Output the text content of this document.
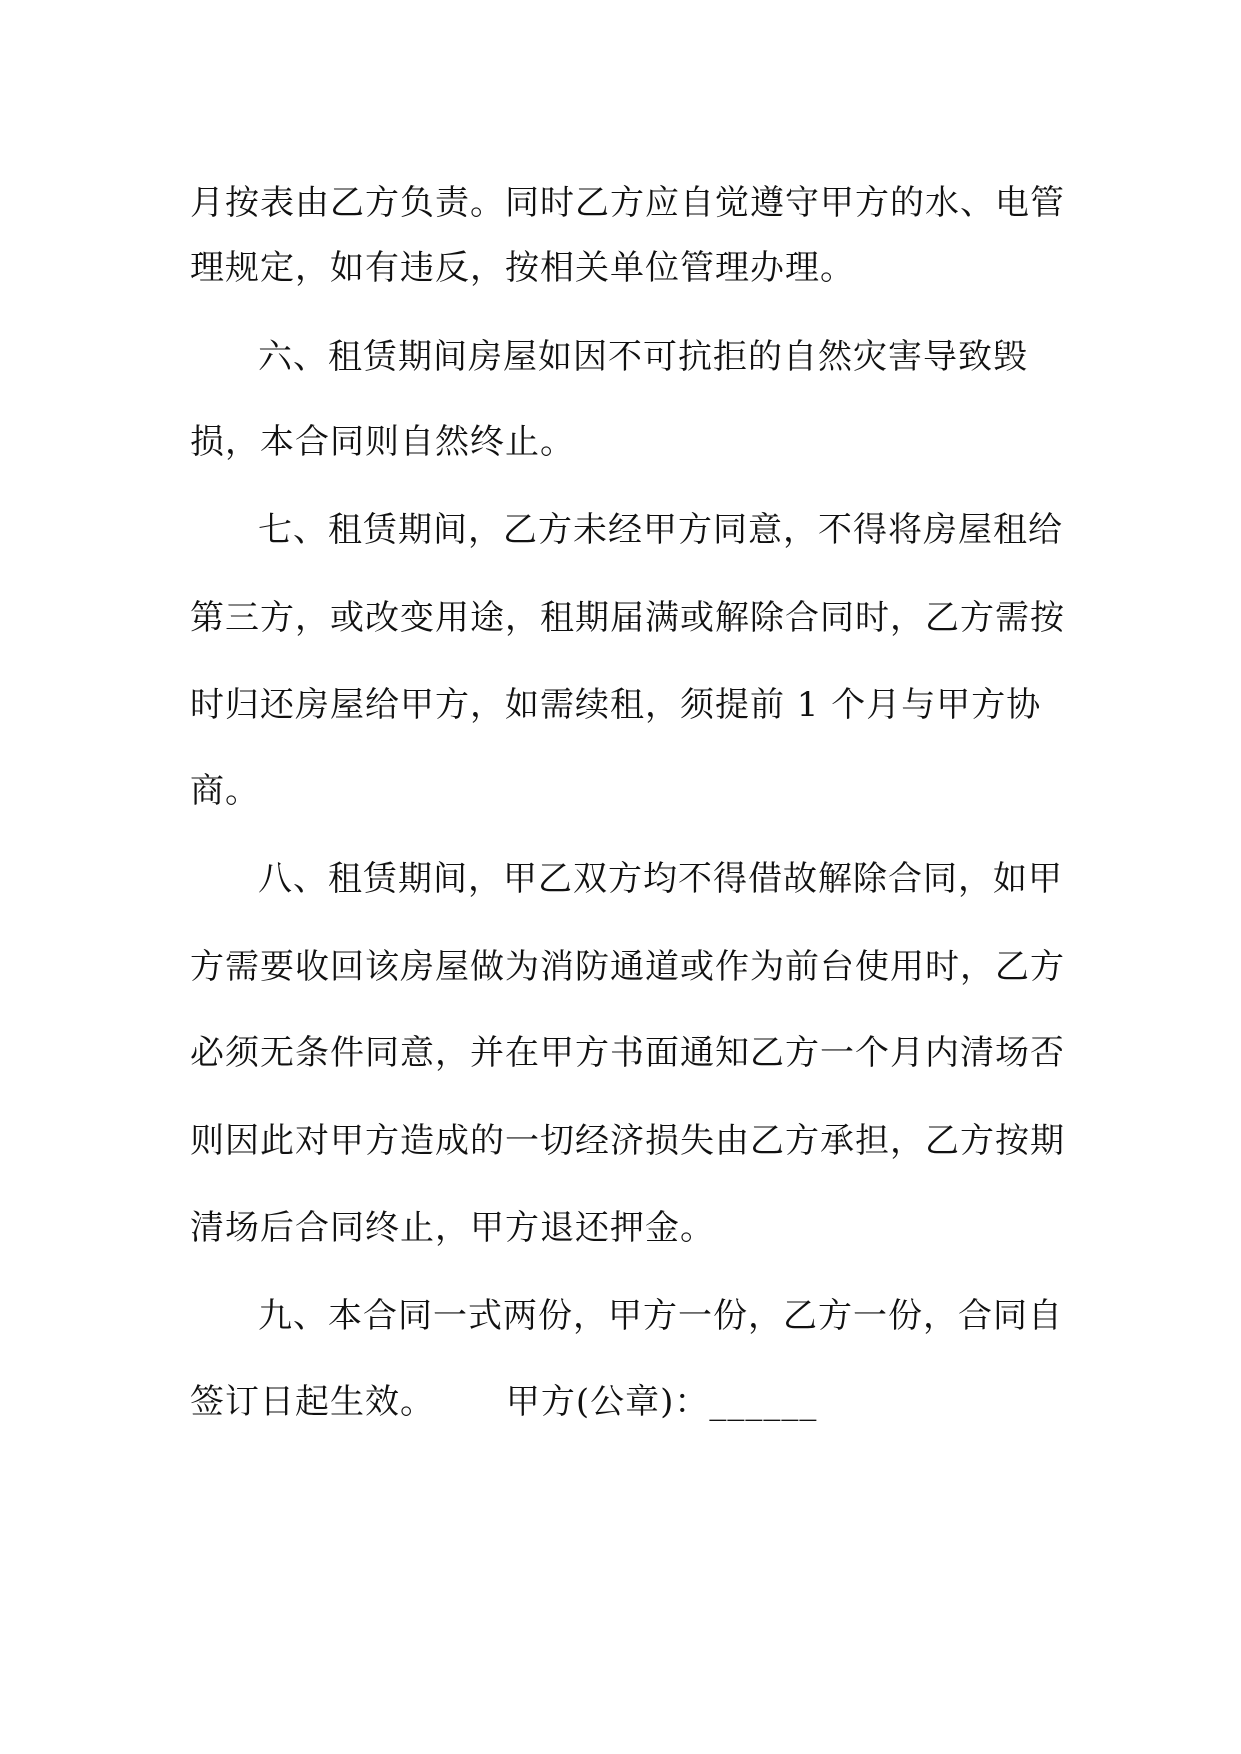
月按表由乙方负责。同时乙方应自觉遵守甲方的水、电管
理规定，如有违反，按相关单位管理办理。
六、租赁期间房屋如因不可抗拒的自然灾害导致毁
损，本合同则自然终止。
七、租赁期间，乙方未经甲方同意，不得将房屋租给
第三方，或改变用途，租期届满或解除合同时，乙方需按
时归还房屋给甲方，如需续租，须提前 1 个月与甲方协
商。
八、租赁期间，甲乙双方均不得借故解除合同，如甲
方需要收回该房屋做为消防通道或作为前台使用时，乙方
必须无条件同意，并在甲方书面通知乙方一个月内清场否
则因此对甲方造成的一切经济损失由乙方承担，乙方按期
清场后合同终止，甲方退还押金。
九、本合同一式两份，甲方一份，乙方一份，合同自
签订日起生效。      甲方(公章)：______
